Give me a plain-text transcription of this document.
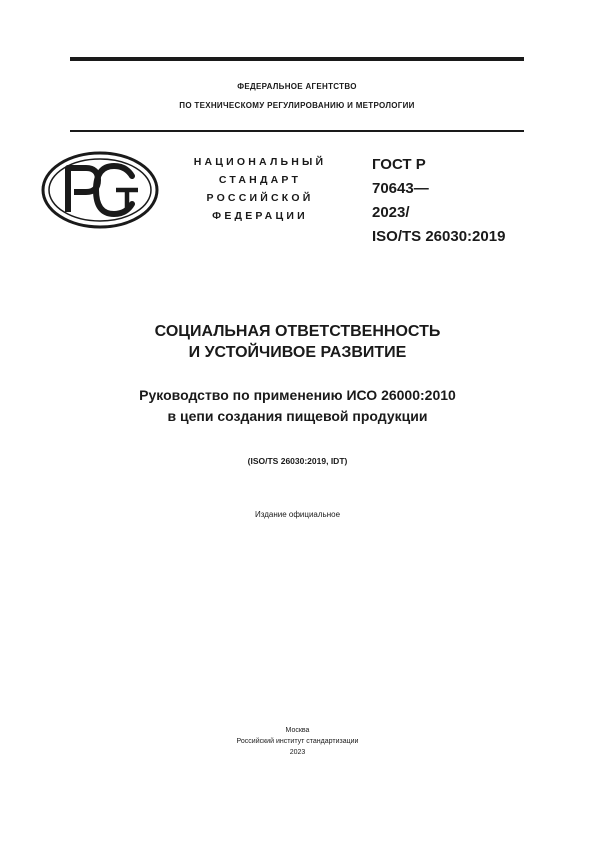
ФЕДЕРАЛЬНОЕ АГЕНТСТВО
ПО ТЕХНИЧЕСКОМУ РЕГУЛИРОВАНИЮ И МЕТРОЛОГИИ
НАЦИОНАЛЬНЫЙ
СТАНДАРТ
РОССИЙСКОЙ
ФЕДЕРАЦИИ
ГОСТ Р
70643—
2023/
ISO/TS 26030:2019
СОЦИАЛЬНАЯ ОТВЕТСТВЕННОСТЬ
И УСТОЙЧИВОЕ РАЗВИТИЕ
Руководство по применению ИСО 26000:2010
в цепи создания пищевой продукции
(ISO/TS 26030:2019, IDT)
Издание официальное
Москва
Российский институт стандартизации
2023
